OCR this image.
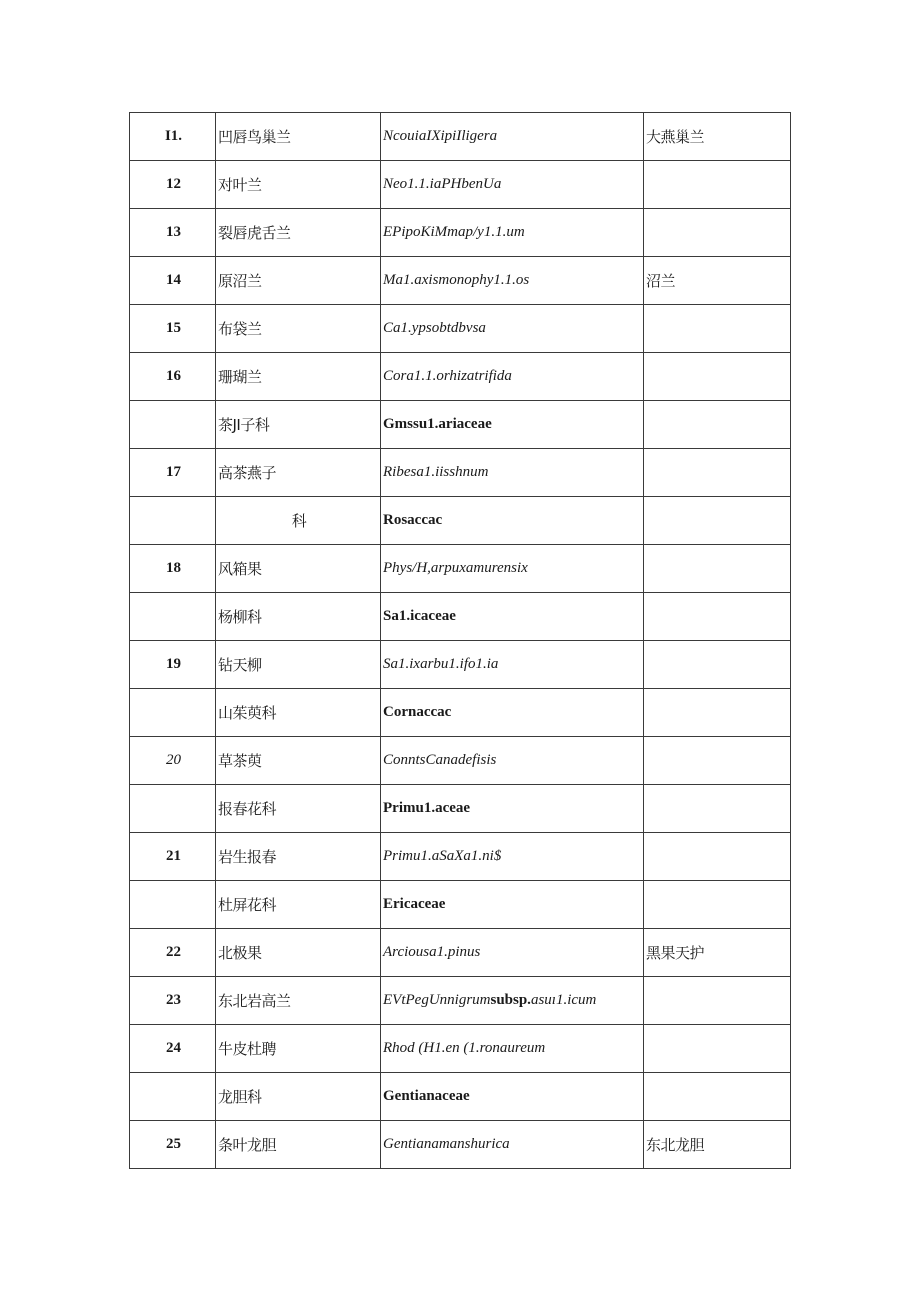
I1.	凹唇鸟巢兰	NcouiaIXipiIligera	大燕巢兰
12	对叶兰	Neo1.1.iaPHbenUa	
13	裂唇虎舌兰	EPipoKiMmap/y1.1.um	
14	原沼兰	Ma1.axismonophy1.1.os	沼兰
15	布袋兰	Ca1.ypsobtdbvsa	
16	珊瑚兰	Cora1.1.orhizatrifida	
	茶JI子科	Gmssu1.ariaceae	
17	高茶燕子	Ribesa1.iisshnum	
	科	Rosaccac	
18	风箱果	Phys/H,arpuxamurensix	
	杨柳科	Sa1.icaceae	
19	钻天柳	Sa1.ixarbu1.ifo1.ia	
	山茱萸科	Cornaccac	
20	草茶萸	ConntsCanadefisis	
	报春花科	Primu1.aceae	
21	岩生报春	Primu1.aSaXa1.ni$	
	杜屏花科	Ericaceae	
22	北极果	Arciousa1.pinus	黑果天护
23	东北岩高兰	EVtPegUnnigrumsubsp.asuı1.icum	
24	牛皮杜聘	Rhod (H1.en (1.ronaureum	
	龙胆科	Gentianaceae	
25	条叶龙胆	Gentianamanshurica	东北龙胆
